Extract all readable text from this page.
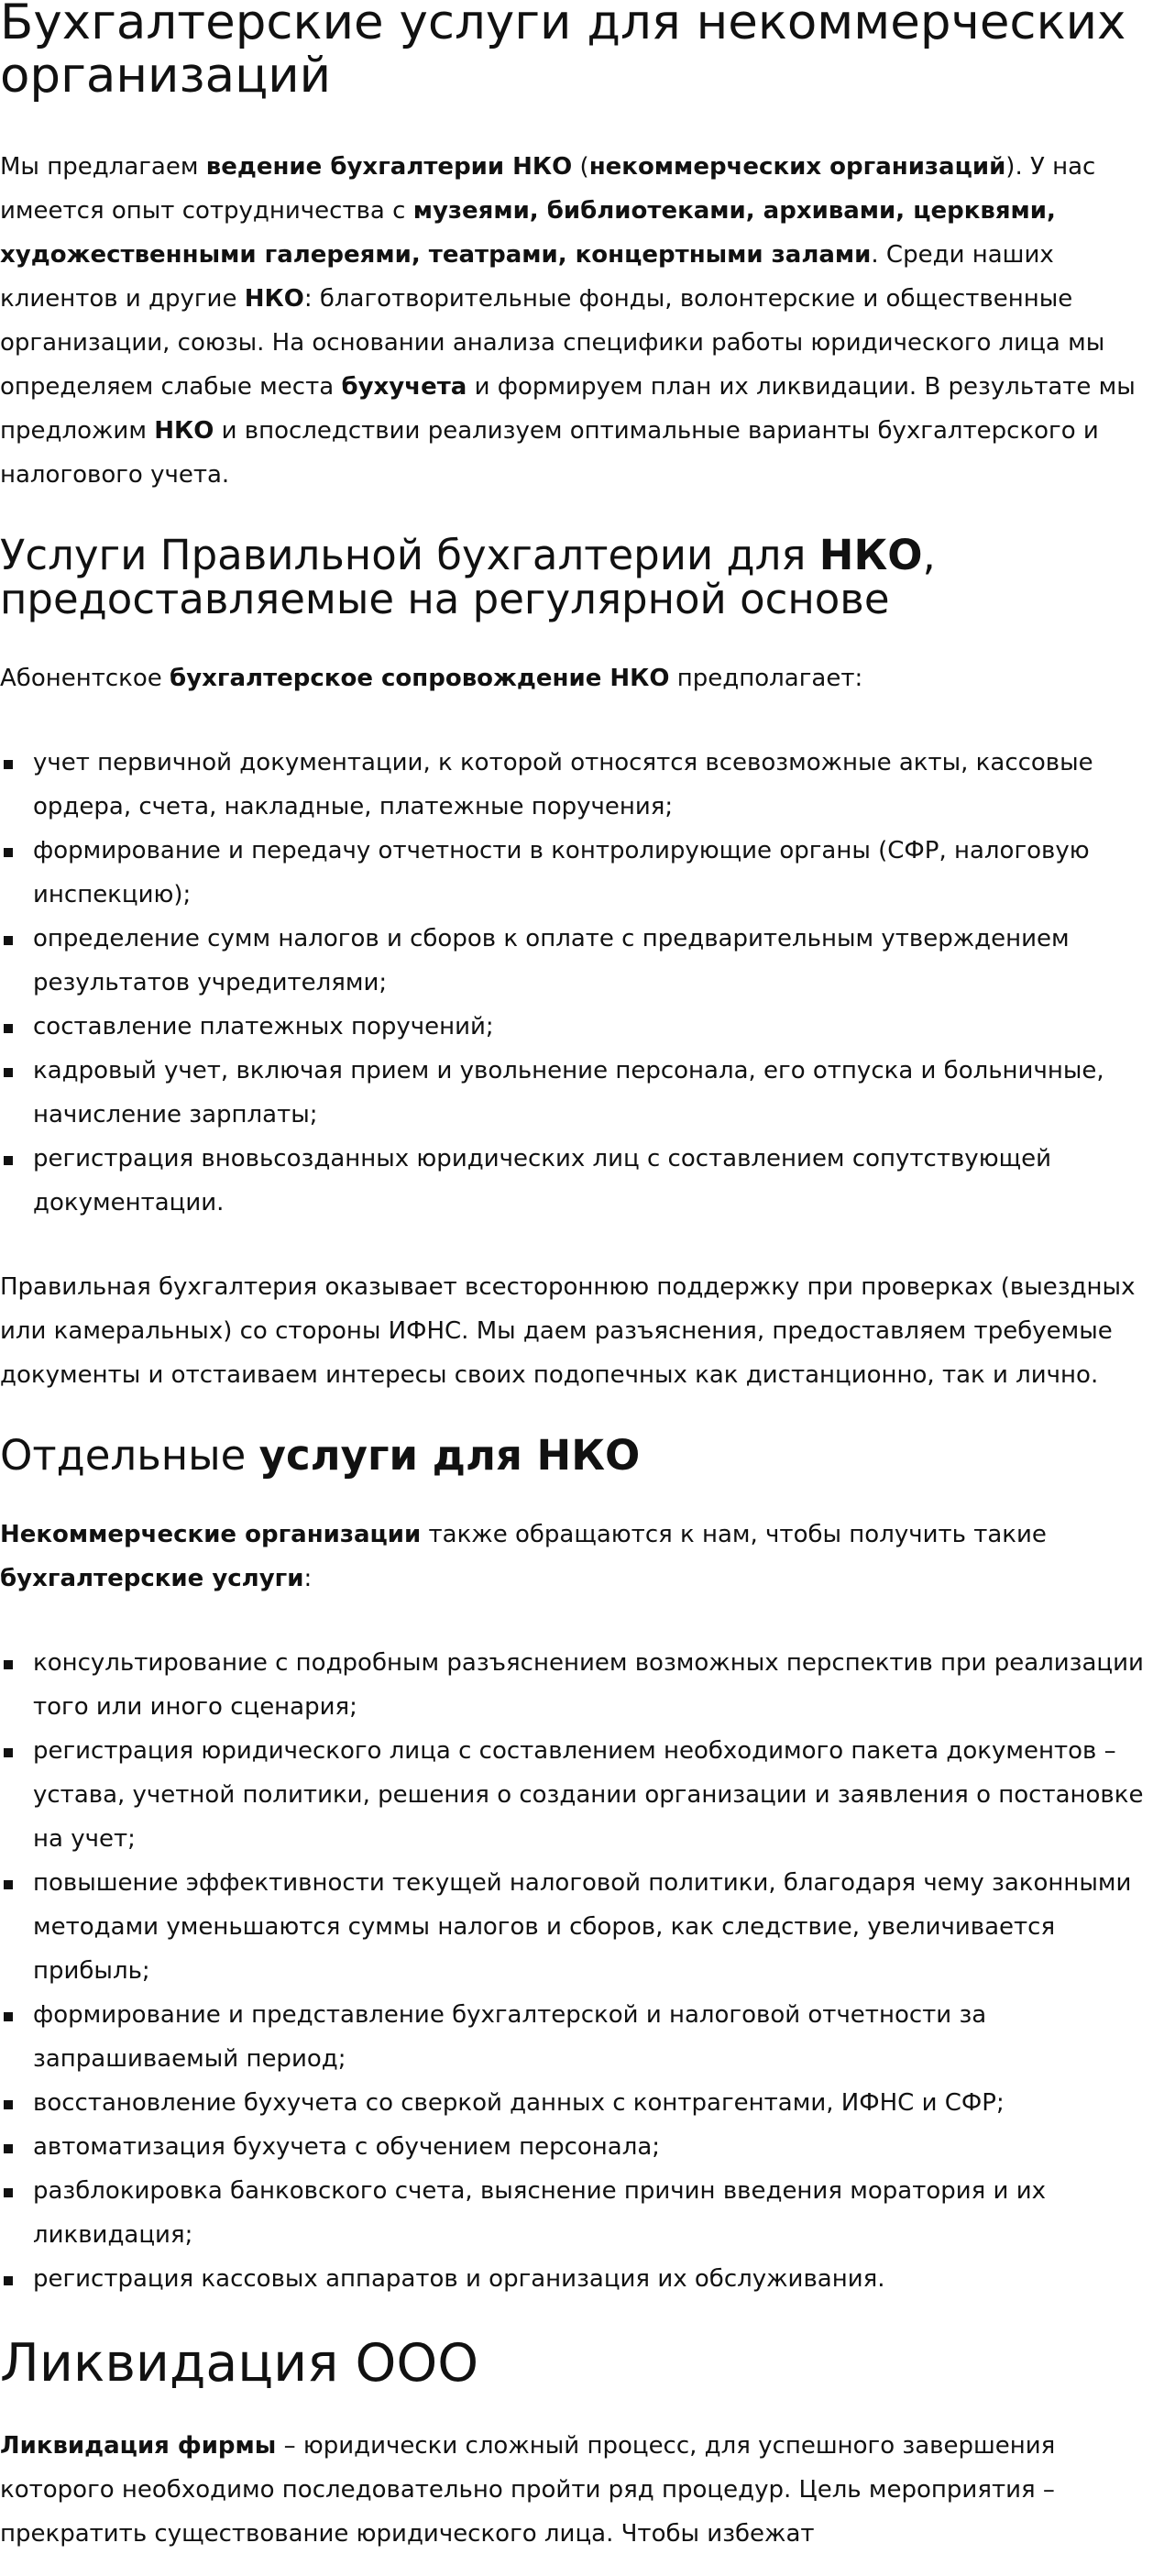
Бухгалтерские услуги для некоммерческих организаций

Мы предлагаем ведение бухгалтерии НКО (некоммерческих организаций). У нас имеется опыт сотрудничества с музеями, библиотеками, архивами, церквями, художественными галереями, театрами, концертными залами. Среди наших клиентов и другие НКО: благотворительные фонды, волонтерские и общественные организации, союзы. На основании анализа специфики работы юридического лица мы определяем слабые места бухучета и формируем план их ликвидации. В результате мы предложим НКО и впоследствии реализуем оптимальные варианты бухгалтерского и налогового учета.

Услуги Правильной бухгалтерии для НКО, предоставляемые на регулярной основе

Абонентское бухгалтерское сопровождение НКО предполагает:

учет первичной документации, к которой относятся всевозможные акты, кассовые ордера, счета, накладные, платежные поручения;
формирование и передачу отчетности в контролирующие органы (СФР, налоговую инспекцию);
определение сумм налогов и сборов к оплате с предварительным утверждением результатов учредителями;
составление платежных поручений;
кадровый учет, включая прием и увольнение персонала, его отпуска и больничные, начисление зарплаты;
регистрация вновьсозданных юридических лиц с составлением сопутствующей документации.

Правильная бухгалтерия оказывает всестороннюю поддержку при проверках (выездных или камеральных) со стороны ИФНС. Мы даем разъяснения, предоставляем требуемые документы и отстаиваем интересы своих подопечных как дистанционно, так и лично.

Отдельные услуги для НКО

Некоммерческие организации также обращаются к нам, чтобы получить такие бухгалтерские услуги:

консультирование с подробным разъяснением возможных перспектив при реализации того или иного сценария;
регистрация юридического лица с составлением необходимого пакета документов – устава, учетной политики, решения о создании организации и заявления о постановке на учет;
повышение эффективности текущей налоговой политики, благодаря чему законными методами уменьшаются суммы налогов и сборов, как следствие, увеличивается прибыль;
формирование и представление бухгалтерской и налоговой отчетности за запрашиваемый период;
восстановление бухучета со сверкой данных с контрагентами, ИФНС и СФР;
автоматизация бухучета с обучением персонала;
разблокировка банковского счета, выяснение причин введения моратория и их ликвидация;
регистрация кассовых аппаратов и организация их обслуживания.
Ликвидация ООО

Ликвидация фирмы – юридически сложный процесс, для успешного завершения которого необходимо последовательно пройти ряд процедур. Цель мероприятия – прекратить существование юридического лица. Чтобы избежат
